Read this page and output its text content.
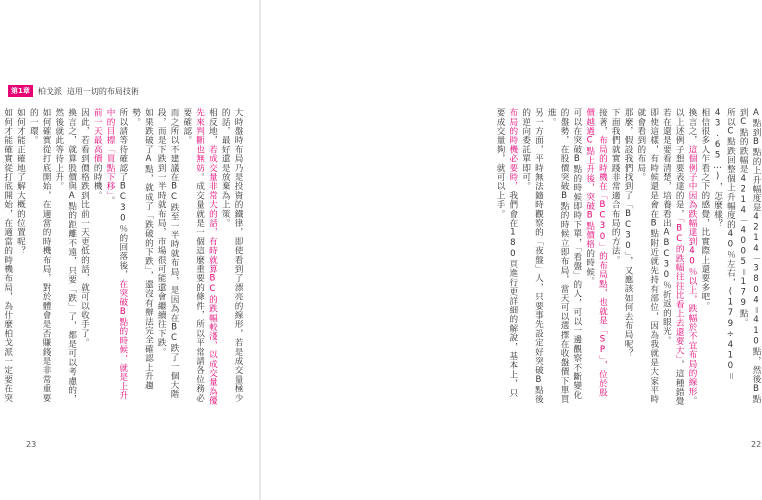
第1章	柏戈派 這用一切的布局技術

大時盤時布局乃是投資的鐵律，即使看到了漂亮的線形，若是成交量極少的話，最好還是放棄為上策。

相反地，若成交量非常大的話，有時就算BC的跌幅較淺，以成交量為優先來判斷也無妨。成交量就是一個這麼重要的條件，所以平常請各位務必要確認。

而之所以不建議在BC跌至一半時就布局，是因為在BC跌了一個大階段，而是下跌到一半時就布局，市場很可能還會繼續往下跌。

如果跌破了A點，就成了「跌破的下跌」，還沒有辦法完全確認上升趨勢。

所以請等待確認了BC30％的回落後，在突破B點的時候，就是上升中的目標「買點下移」。

前一天最高價的時機。

因此，若看到價格跌到比前一天更低的話，就可以收手了。

換言之，就算股價與A點的距離不遠，只要「跌」了，都是可以考慮的，然後就此等待上升。

如何確實從打底開始，在適當的時機布局，對於體會是否賺錢是非常重要的一環。

如何才能正確地了解大概的位置呢？

如何才能確實從打底開始，在適當的時機布局，為什麼柏戈派一定要在突

23

A點到B點的上升幅度是4214－3804＝410點，然後B點到C點的跌幅是4214－4005＝179點。

所以C點跌回整個上升幅度的40％左右，(179÷410＝43.65…)，怎麼樣？

相信很多人乍看之下的感覺，比實際上還要多吧。

換言之，這個例子中因為跌幅達到40％以上，跌幅於不宜布局的線形。

以上述例子想要表達的是，「BC的跌幅往往比看上去還要大」，這種錯覺若在還是要看清楚，培養看出ABC30％折返的眼光。

即使這樣，有時候還是會在B點附近就先持有部位，因為我就是大家平時就會看到的布局。

那麼，假設我們找到了「BC30」，又應該如何去布局呢？

下面我們就實踐非常適合布局的方法。

接著，布局的時機在「BC30」的布局點，也就是「SP」，位於股價越過C點上升後，突破B點價格的時候。

可以在突破B點的時候即時下單，「看盤」的人，可以一邊觀察不斷變化的盤勢，在股價突破B點的時候立即布局，當天可以選擇在收盤價下單買進。

另一方面，平時無法隨時觀察的「夜盤」人，只要事先設定好突破B點後的逆向委託單即可。

布局的時機必要時，我們會在180頁進行更詳細的解說，基本上，只要成交量夠，就可以上手。

22
